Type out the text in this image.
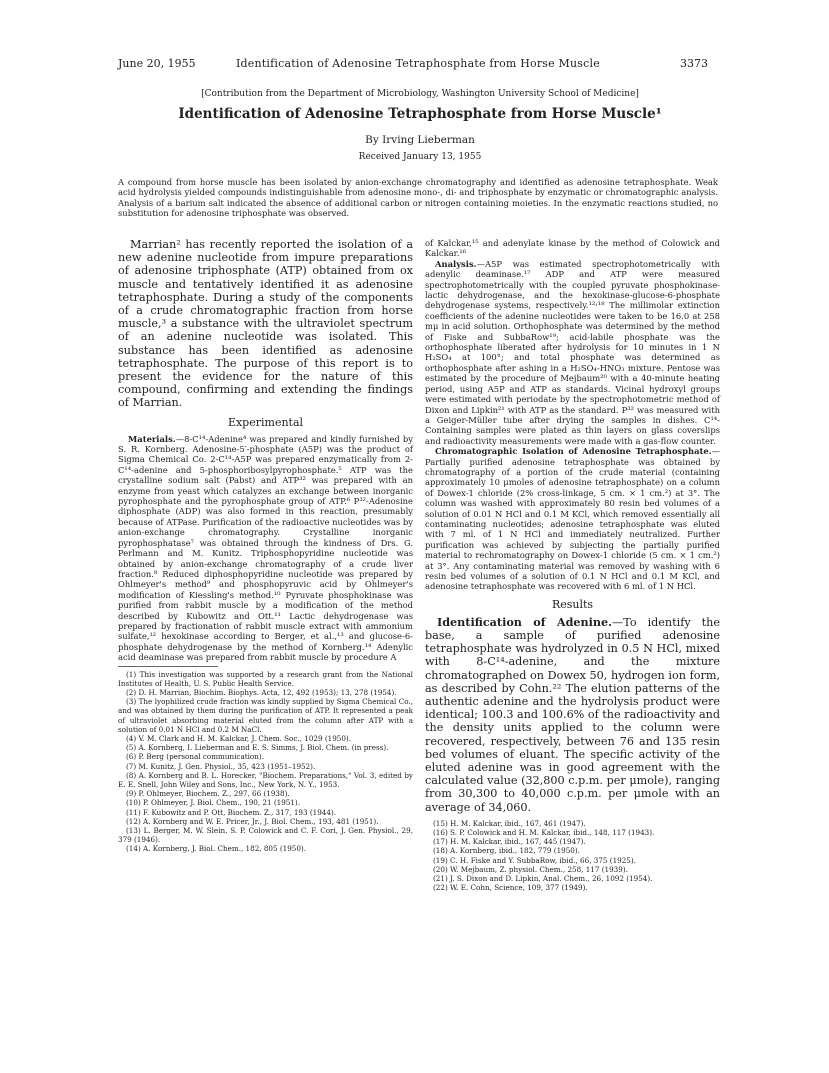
June 20, 1955	Identification of Adenosine Tetraphosphate from Horse Muscle	3373
[Contribution from the Department of Microbiology, Washington University School of Medicine]
Identification of Adenosine Tetraphosphate from Horse Muscle¹
By Irving Lieberman
Received January 13, 1955
A compound from horse muscle has been isolated by anion-exchange chromatography and identified as adenosine tetraphosphate. Weak acid hydrolysis yielded compounds indistinguishable from adenosine mono-, di- and triphosphate by enzymatic or chromatographic analysis. Analysis of a barium salt indicated the absence of additional carbon or nitrogen containing moieties. In the enzymatic reactions studied, no substitution for adenosine triphosphate was observed.

Marrian² has recently reported the isolation of a new adenine nucleotide from impure preparations of adenosine triphosphate (ATP) obtained from ox muscle and tentatively identified it as adenosine tetraphosphate. During a study of the components of a crude chromatographic fraction from horse muscle,³ a substance with the ultraviolet spectrum of an adenine nucleotide was isolated. This substance has been identified as adenosine tetraphosphate. The purpose of this report is to present the evidence for the nature of this compound, confirming and extending the findings of Marrian.

Experimental

Materials.—8-C¹⁴-Adenine⁴ was prepared and kindly furnished by S. R. Kornberg. Adenosine-5′-phosphate (A5P) was the product of Sigma Chemical Co. 2-C¹⁴-A5P was prepared enzymatically from 2-C¹⁴-adenine and 5-phosphoribosylpyrophosphate.⁵ ATP was the crystalline sodium salt (Pabst) and ATP³² was prepared with an enzyme from yeast which catalyzes an exchange between inorganic pyrophosphate and the pyrophosphate group of ATP.⁶ P³²-Adenosine diphosphate (ADP) was also formed in this reaction, presumably because of ATPase. Purification of the radioactive nucleotides was by anion-exchange chromatography. Crystalline inorganic pyrophosphatase⁷ was obtained through the kindness of Drs. G. Perlmann and M. Kunitz. Triphosphopyridine nucleotide was obtained by anion-exchange chromatography of a crude liver fraction.⁸ Reduced diphosphopyridine nucleotide was prepared by Ohlmeyer's method⁹ and phosphopyruvic acid by Ohlmeyer's modification of Kiessling's method.¹⁰ Pyruvate phosphokinase was purified from rabbit muscle by a modification of the method described by Kubowitz and Ott.¹¹ Lactic dehydrogenase was prepared by fractionation of rabbit muscle extract with ammonium sulfate,¹² hexokinase according to Berger, et al.,¹³ and glucose-6-phosphate dehydrogenase by the method of Kornberg.¹⁴ Adenylic acid deaminase was prepared from rabbit muscle by procedure A

(1) This investigation was supported by a research grant from the National Institutes of Health, U. S. Public Health Service.
(2) D. H. Marrian, Biochim. Biophys. Acta, 12, 492 (1953); 13, 278 (1954).
(3) The lyophilized crude fraction was kindly supplied by Sigma Chemical Co., and was obtained by them during the purification of ATP. It represented a peak of ultraviolet absorbing material eluted from the column after ATP with a solution of 0.01 N HCl and 0.2 M NaCl.
(4) V. M. Clark and H. M. Kalckar, J. Chem. Soc., 1029 (1950).
(5) A. Kornberg, I. Lieberman and E. S. Simms, J. Biol. Chem. (in press).
(6) P. Berg (personal communication).
(7) M. Kunitz, J. Gen. Physiol., 35, 423 (1951–1952).
(8) A. Kornberg and B. L. Horecker, "Biochem. Preparations," Vol. 3, edited by E. E. Snell, John Wiley and Sons, Inc., New York, N. Y., 1953.
(9) P. Ohlmeyer, Biochem. Z., 297, 66 (1938).
(10) P. Ohlmeyer, J. Biol. Chem., 190, 21 (1951).
(11) F. Kubowitz and P. Ott, Biochem. Z., 317, 193 (1944).
(12) A. Kornberg and W. E. Pricer, Jr., J. Biol. Chem., 193, 481 (1951).
(13) L. Berger, M. W. Slein, S. P. Colowick and C. F. Cori, J. Gen. Physiol., 29, 379 (1946).
(14) A. Kornberg, J. Biol. Chem., 182, 805 (1950).

of Kalckar,¹⁵ and adenylate kinase by the method of Colowick and Kalckar.¹⁶

Analysis.—A5P was estimated spectrophotometrically with adenylic deaminase.¹⁷ ADP and ATP were measured spectrophotometrically with the coupled pyruvate phosphokinase-lactic dehydrogenase, and the hexokinase-glucose-6-phosphate dehydrogenase systems, respectively.¹²˒¹⁸ The millimolar extinction coefficients of the adenine nucleotides were taken to be 16.0 at 258 mμ in acid solution. Orthophosphate was determined by the method of Fiske and SubbaRow¹⁹; acid-labile phosphate was the orthophosphate liberated after hydrolysis for 10 minutes in 1 N H₂SO₄ at 100°; and total phosphate was determined as orthophosphate after ashing in a H₂SO₄-HNO₃ mixture. Pentose was estimated by the procedure of Mejbaum²⁰ with a 40-minute heating period, using A5P and ATP as standards. Vicinal hydroxyl groups were estimated with periodate by the spectrophotometric method of Dixon and Lipkin²¹ with ATP as the standard. P³² was measured with a Geiger-Müller tube after drying the samples in dishes. C¹⁴-Containing samples were plated as thin layers on glass coverslips and radioactivity measurements were made with a gas-flow counter.

Chromatographic Isolation of Adenosine Tetraphosphate.—Partially purified adenosine tetraphosphate was obtained by chromatography of a portion of the crude material (containing approximately 10 μmoles of adenosine tetraphosphate) on a column of Dowex-1 chloride (2% cross-linkage, 5 cm. × 1 cm.²) at 3°. The column was washed with approximately 80 resin bed volumes of a solution of 0.01 N HCl and 0.1 M KCl, which removed essentially all contaminating nucleotides; adenosine tetraphosphate was eluted with 7 ml. of 1 N HCl and immediately neutralized. Further purification was achieved by subjecting the partially purified material to rechromatography on Dowex-1 chloride (5 cm. × 1 cm.²) at 3°. Any contaminating material was removed by washing with 6 resin bed volumes of a solution of 0.1 N HCl and 0.1 M KCl, and adenosine tetraphosphate was recovered with 6 ml. of 1 N HCl.

Results

Identification of Adenine.—To identify the base, a sample of purified adenosine tetraphosphate was hydrolyzed in 0.5 N HCl, mixed with 8-C¹⁴-adenine, and the mixture chromatographed on Dowex 50, hydrogen ion form, as described by Cohn.²² The elution patterns of the authentic adenine and the hydrolysis product were identical; 100.3 and 100.6% of the radioactivity and the density units applied to the column were recovered, respectively, between 76 and 135 resin bed volumes of eluant. The specific activity of the eluted adenine was in good agreement with the calculated value (32,800 c.p.m. per μmole), ranging from 30,300 to 40,000 c.p.m. per μmole with an average of 34,060.

(15) H. M. Kalckar, ibid., 167, 461 (1947).
(16) S. P. Colowick and H. M. Kalckar, ibid., 148, 117 (1943).
(17) H. M. Kalckar, ibid., 167, 445 (1947).
(18) A. Kornberg, ibid., 182, 779 (1950).
(19) C. H. Fiske and Y. SubbaRow, ibid., 66, 375 (1925).
(20) W. Mejbaum, Z. physiol. Chem., 258, 117 (1939).
(21) J. S. Dixon and D. Lipkin, Anal. Chem., 26, 1092 (1954).
(22) W. E. Cohn, Science, 109, 377 (1949).
